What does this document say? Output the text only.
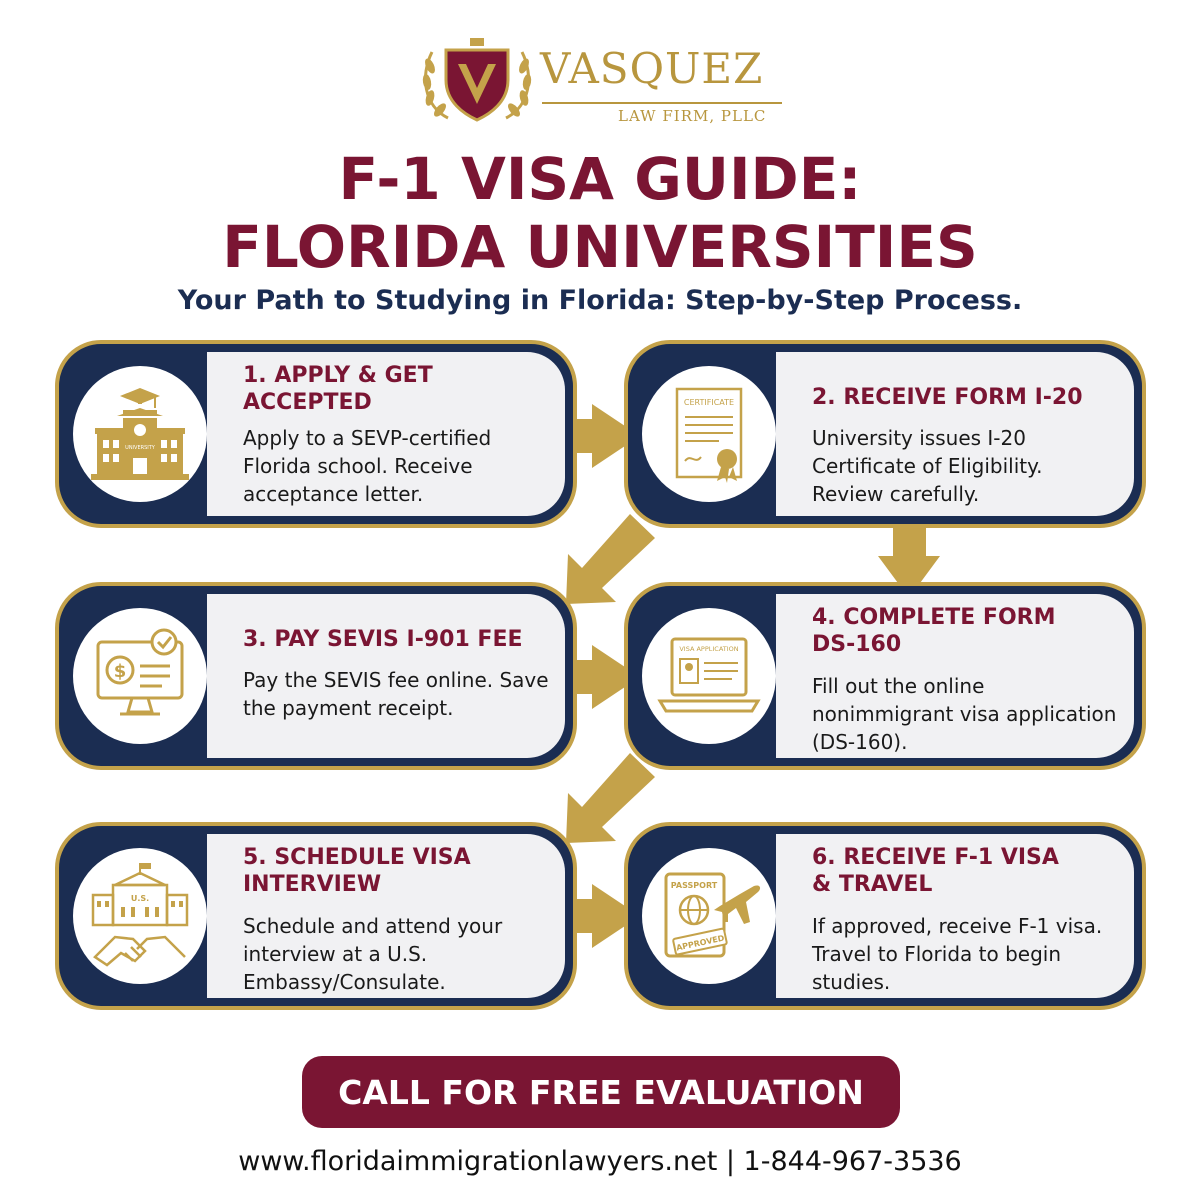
VASQUEZ
LAW FIRM, PLLC
F-1 VISA GUIDE:
FLORIDA UNIVERSITIES
Your Path to Studying in Florida: Step-by-Step Process.
UNIVERSITY
1. APPLY & GET ACCEPTED
Apply to a SEVP-certified Florida school. Receive acceptance letter.
CERTIFICATE	2. RECEIVE FORM I-20
University issues I-20 Certificate of Eligibility. Review carefully.
$
3. PAY SEVIS I-901 FEE
Pay the SEVIS fee online. Save the payment receipt.
VISA APPLICATION
4. COMPLETE FORM DS-160
Fill out the online nonimmigrant visa application (DS-160).
U.S.
5. SCHEDULE VISA INTERVIEW
Schedule and attend your interview at a U.S. Embassy/Consulate.
PASSPORT
APPROVED
6. RECEIVE F-1 VISA & TRAVEL
If approved, receive F-1 visa. Travel to Florida to begin studies.
CALL FOR FREE EVALUATION
www.floridaimmigrationlawyers.net | 1-844-967-3536
